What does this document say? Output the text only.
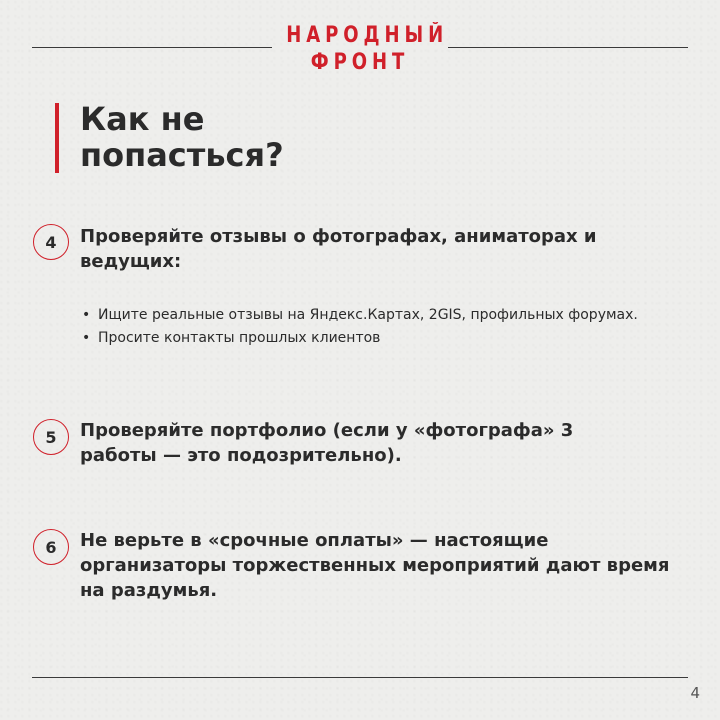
НАРОДНЫЙ
ФРОНТ
Как не
попасться?
4	Проверяйте отзывы о фотографах, аниматорах и ведущих:
• Ищите реальные отзывы на Яндекс.Картах, 2GIS, профильных форумах.
• Просите контакты прошлых клиентов
5	Проверяйте портфолио (если у «фотографа» 3 работы — это подозрительно).
6	Не верьте в «срочные оплаты» — настоящие организаторы торжественных мероприятий дают время на раздумья.
4
